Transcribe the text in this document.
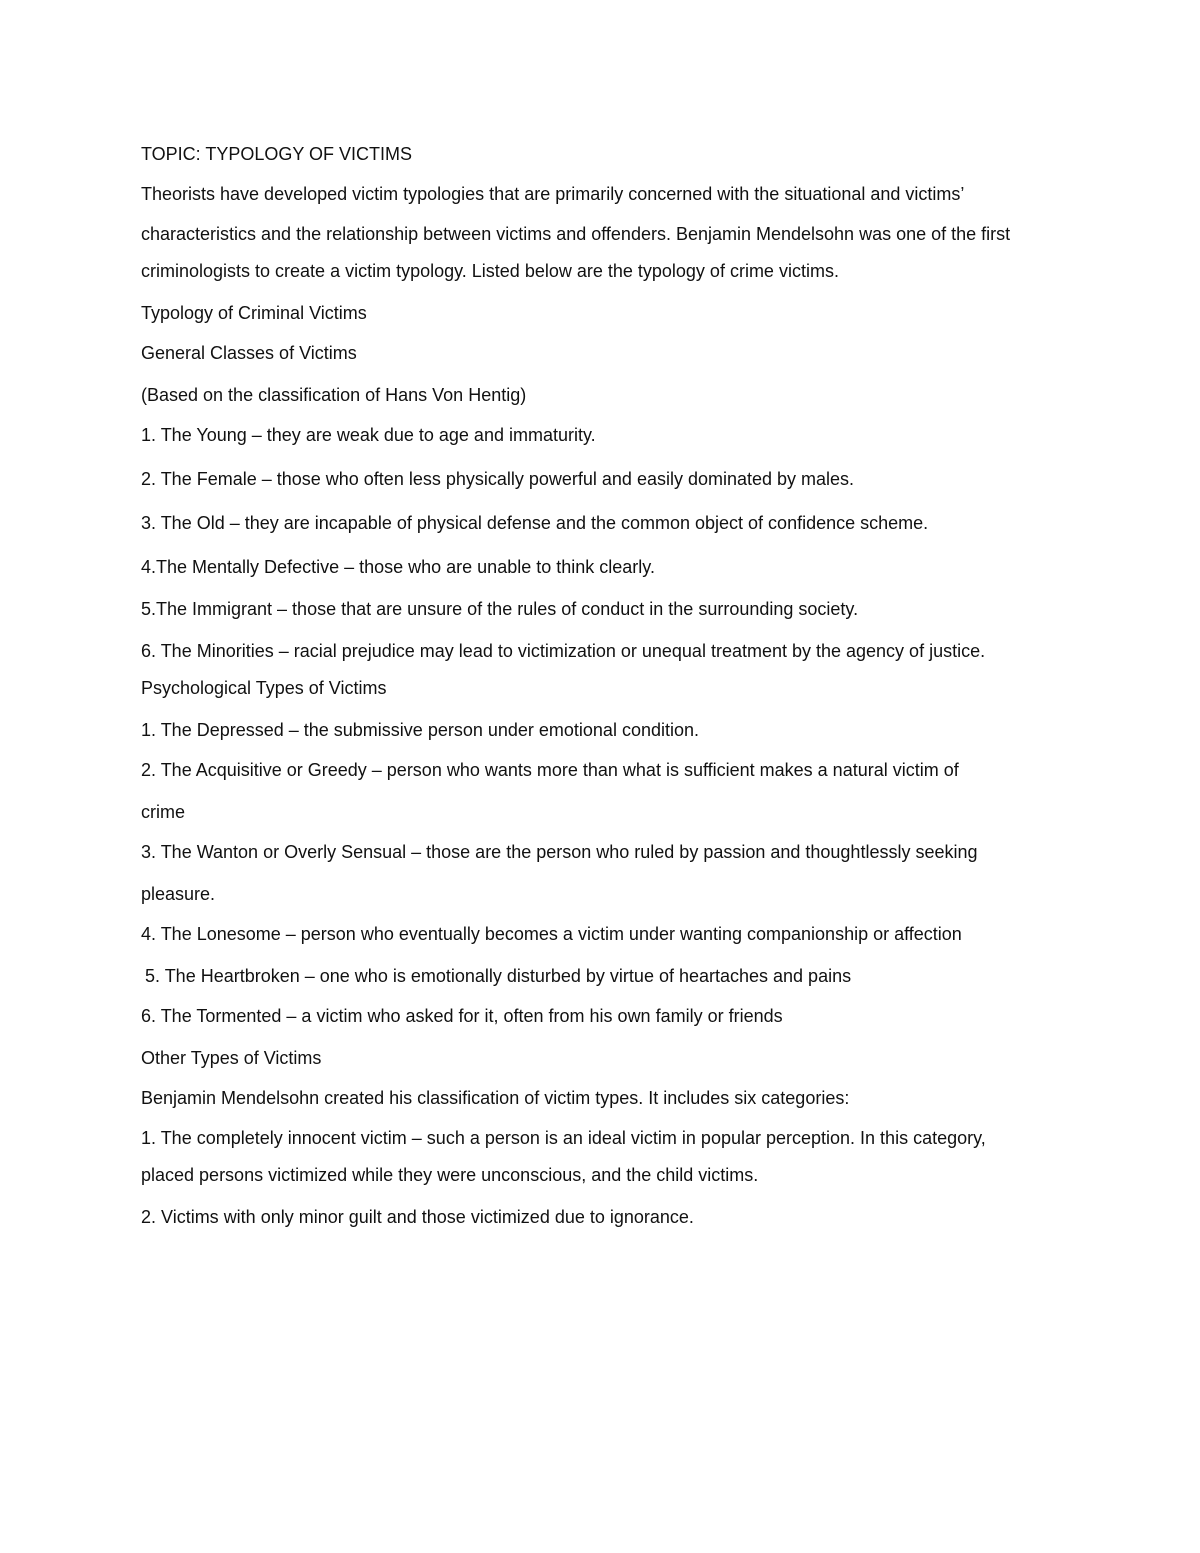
TOPIC: TYPOLOGY OF VICTIMS

Theorists have developed victim typologies that are primarily concerned with the situational and victims’

characteristics and the relationship between victims and offenders. Benjamin Mendelsohn was one of the first

criminologists to create a victim typology. Listed below are the typology of crime victims.

Typology of Criminal Victims

General Classes of Victims

(Based on the classification of Hans Von Hentig)

1. The Young – they are weak due to age and immaturity.

2. The Female – those who often less physically powerful and easily dominated by males.

3. The Old – they are incapable of physical defense and the common object of confidence scheme.

4.The Mentally Defective – those who are unable to think clearly.

5.The Immigrant – those that are unsure of the rules of conduct in the surrounding society.

6. The Minorities – racial prejudice may lead to victimization or unequal treatment by the agency of justice.

Psychological Types of Victims

1. The Depressed – the submissive person under emotional condition.

2. The Acquisitive or Greedy – person who wants more than what is sufficient makes a natural victim of

crime

3. The Wanton or Overly Sensual – those are the person who ruled by passion and thoughtlessly seeking

pleasure.

4. The Lonesome – person who eventually becomes a victim under wanting companionship or affection

5. The Heartbroken – one who is emotionally disturbed by virtue of heartaches and pains

6. The Tormented – a victim who asked for it, often from his own family or friends

Other Types of Victims

Benjamin Mendelsohn created his classification of victim types. It includes six categories:

1. The completely innocent victim – such a person is an ideal victim in popular perception. In this category,

placed persons victimized while they were unconscious, and the child victims.

2. Victims with only minor guilt and those victimized due to ignorance.
